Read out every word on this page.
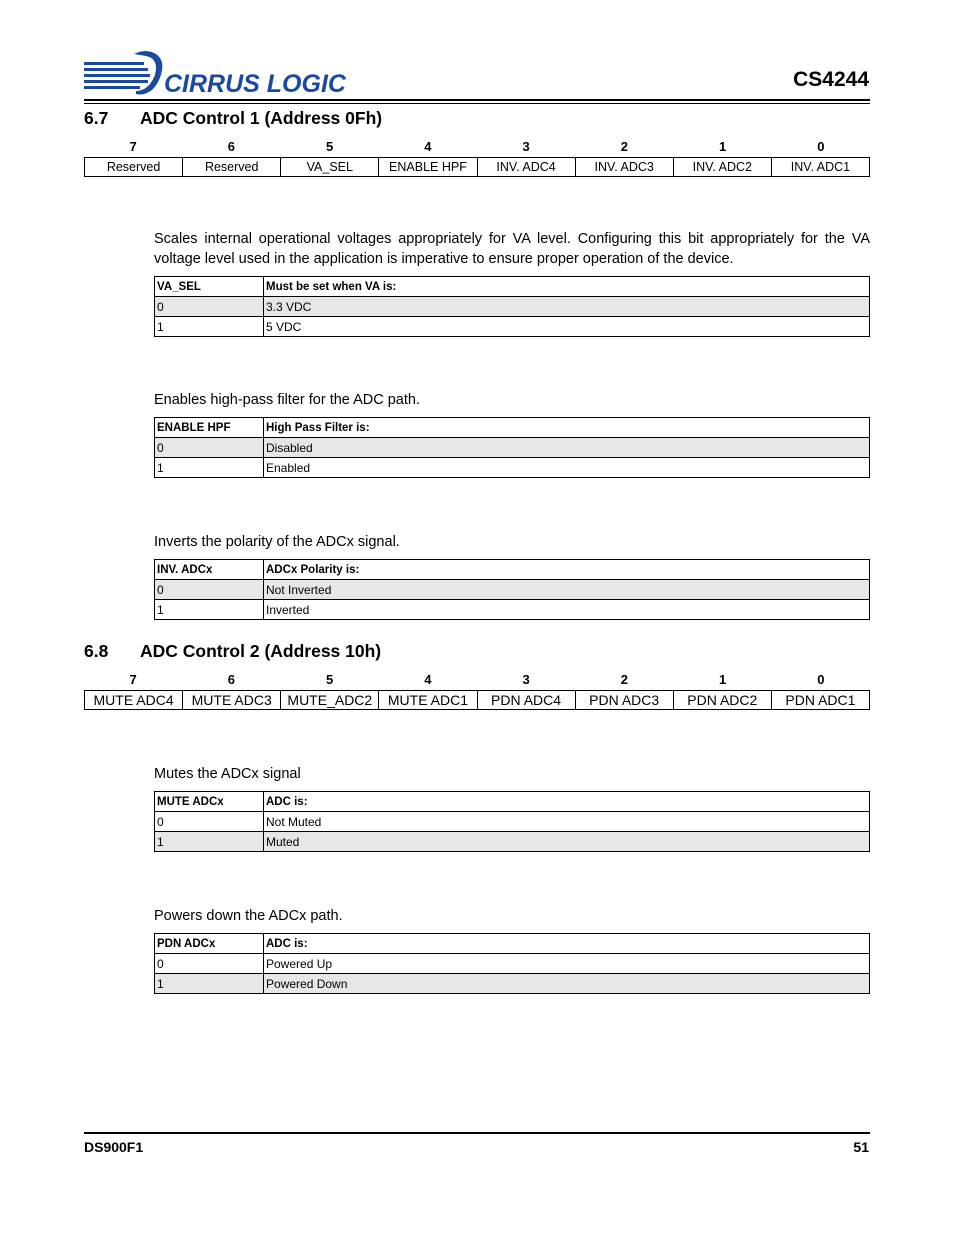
CIRRUS LOGIC	CS4244
6.7 ADC Control 1 (Address 0Fh)
7	6	5	4	3	2	1	0
Reserved	Reserved	VA_SEL	ENABLE HPF	INV. ADC4	INV. ADC3	INV. ADC2	INV. ADC1
Scales internal operational voltages appropriately for VA level. Configuring this bit appropriately for the VA voltage level used in the application is imperative to ensure proper operation of the device.
VA_SEL	Must be set when VA is:
0	3.3 VDC
1	5 VDC
Enables high-pass filter for the ADC path.
ENABLE HPF	High Pass Filter is:
0	Disabled
1	Enabled
Inverts the polarity of the ADCx signal.
INV. ADCx	ADCx Polarity is:
0	Not Inverted
1	Inverted
6.8 ADC Control 2 (Address 10h)
7	6	5	4	3	2	1	0
MUTE ADC4	MUTE ADC3	MUTE_ADC2	MUTE ADC1	PDN ADC4	PDN ADC3	PDN ADC2	PDN ADC1
Mutes the ADCx signal
MUTE ADCx	ADC is:
0	Not Muted
1	Muted
Powers down the ADCx path.
PDN ADCx	ADC is:
0	Powered Up
1	Powered Down
DS900F1	51
